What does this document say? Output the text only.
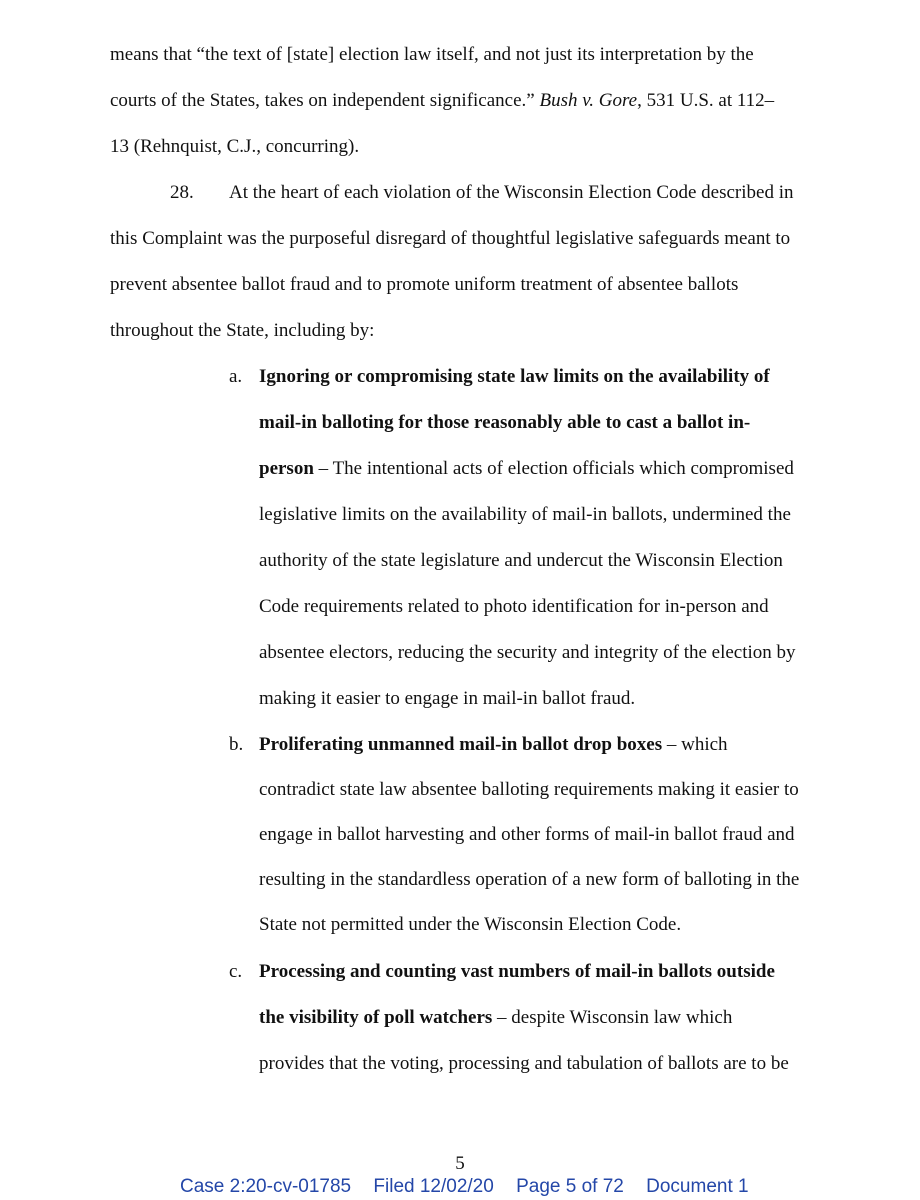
means that “the text of [state] election law itself, and not just its interpretation by the

courts of the States, takes on independent significance.” Bush v. Gore, 531 U.S. at 112–

13 (Rehnquist, C.J., concurring).

28. At the heart of each violation of the Wisconsin Election Code described in

this Complaint was the purposeful disregard of thoughtful legislative safeguards meant to

prevent absentee ballot fraud and to promote uniform treatment of absentee ballots

throughout the State, including by:

a. Ignoring or compromising state law limits on the availability of

mail-in balloting for those reasonably able to cast a ballot in-

person – The intentional acts of election officials which compromised

legislative limits on the availability of mail-in ballots, undermined the

authority of the state legislature and undercut the Wisconsin Election

Code requirements related to photo identification for in-person and

absentee electors, reducing the security and integrity of the election by

making it easier to engage in mail-in ballot fraud.

b. Proliferating unmanned mail-in ballot drop boxes – which

contradict state law absentee balloting requirements making it easier to

engage in ballot harvesting and other forms of mail-in ballot fraud and

resulting in the standardless operation of a new form of balloting in the

State not permitted under the Wisconsin Election Code.

c. Processing and counting vast numbers of mail-in ballots outside

the visibility of poll watchers – despite Wisconsin law which

provides that the voting, processing and tabulation of ballots are to be

5
Case 2:20-cv-01785 Filed 12/02/20 Page 5 of 72 Document 1
